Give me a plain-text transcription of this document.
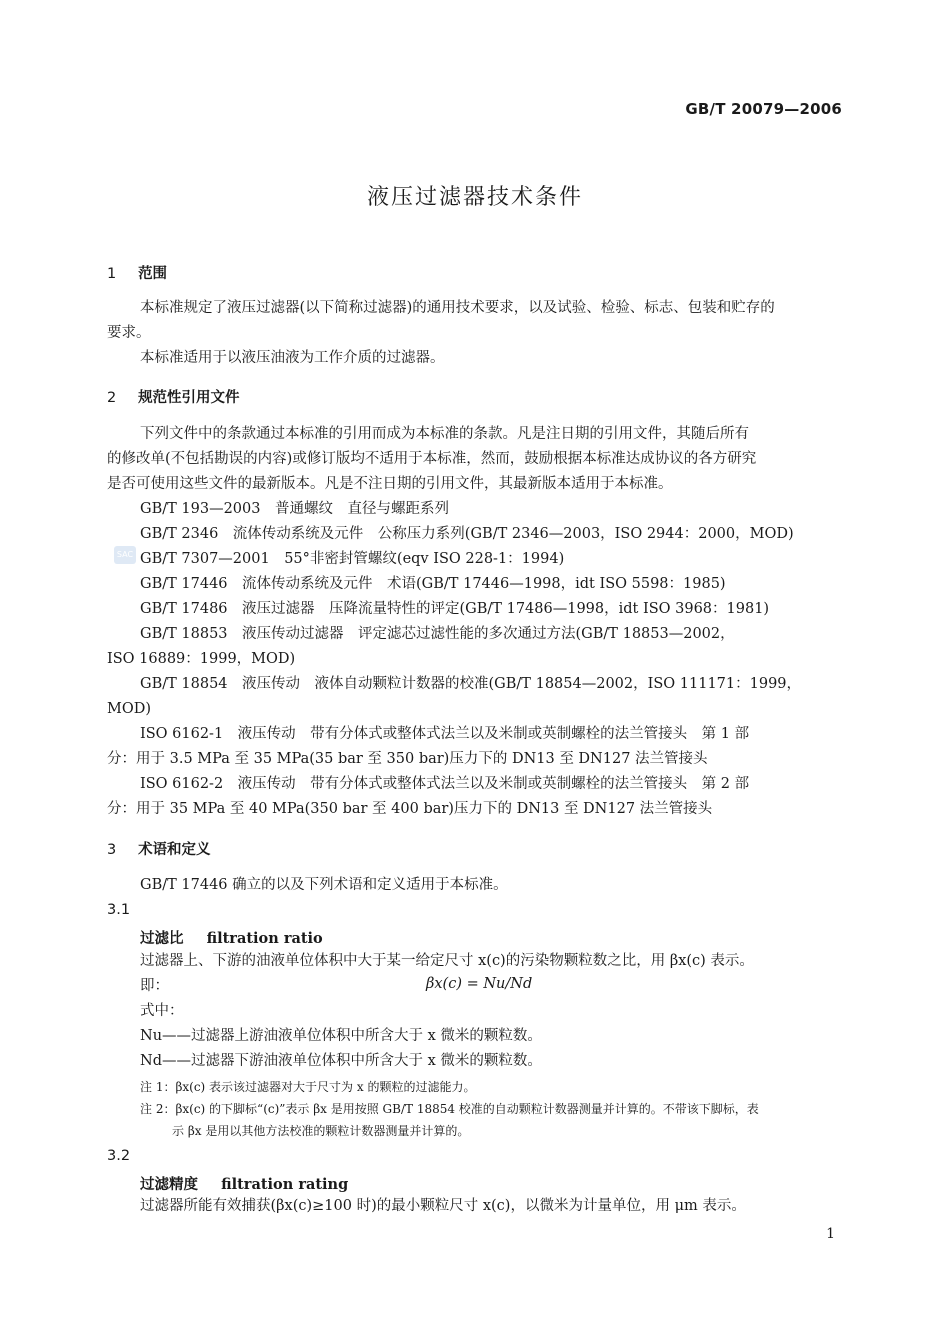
GB/T 20079—2006
SAC
液压过滤器技术条件
1 范围
本标准规定了液压过滤器(以下简称过滤器)的通用技术要求，以及试验、检验、标志、包装和贮存的
要求。
本标准适用于以液压油液为工作介质的过滤器。
2 规范性引用文件
下列文件中的条款通过本标准的引用而成为本标准的条款。凡是注日期的引用文件，其随后所有
的修改单(不包括勘误的内容)或修订版均不适用于本标准，然而，鼓励根据本标准达成协议的各方研究
是否可使用这些文件的最新版本。凡是不注日期的引用文件，其最新版本适用于本标准。
GB/T 193—2003　普通螺纹　直径与螺距系列
GB/T 2346　流体传动系统及元件　公称压力系列(GB/T 2346—2003，ISO 2944：2000，MOD)
GB/T 7307—2001　55°非密封管螺纹(eqv ISO 228-1：1994)
GB/T 17446　流体传动系统及元件　术语(GB/T 17446—1998，idt ISO 5598：1985)
GB/T 17486　液压过滤器　压降流量特性的评定(GB/T 17486—1998，idt ISO 3968：1981)
GB/T 18853　液压传动过滤器　评定滤芯过滤性能的多次通过方法(GB/T 18853—2002，
ISO 16889：1999，MOD)
GB/T 18854　液压传动　液体自动颗粒计数器的校准(GB/T 18854—2002，ISO 111171：1999，
MOD)
ISO 6162-1　液压传动　带有分体式或整体式法兰以及米制或英制螺栓的法兰管接头　第 1 部
分：用于 3.5 MPa 至 35 MPa(35 bar 至 350 bar)压力下的 DN13 至 DN127 法兰管接头
ISO 6162-2　液压传动　带有分体式或整体式法兰以及米制或英制螺栓的法兰管接头　第 2 部
分：用于 35 MPa 至 40 MPa(350 bar 至 400 bar)压力下的 DN13 至 DN127 法兰管接头
3 术语和定义
GB/T 17446 确立的以及下列术语和定义适用于本标准。
3.1
过滤比 filtration ratio
过滤器上、下游的油液单位体积中大于某一给定尺寸 x(c)的污染物颗粒数之比，用 βx(c) 表示。
即：	βx(c) = Nu/Nd
式中：
Nu——过滤器上游油液单位体积中所含大于 x 微米的颗粒数。
Nd——过滤器下游油液单位体积中所含大于 x 微米的颗粒数。
注 1：βx(c) 表示该过滤器对大于尺寸为 x 的颗粒的过滤能力。
注 2：βx(c) 的下脚标“(c)”表示 βx 是用按照 GB/T 18854 校准的自动颗粒计数器测量并计算的。不带该下脚标，表
示 βx 是用以其他方法校准的颗粒计数器测量并计算的。
3.2
过滤精度 filtration rating
过滤器所能有效捕获(βx(c)≥100 时)的最小颗粒尺寸 x(c)，以微米为计量单位，用 μm 表示。
1
